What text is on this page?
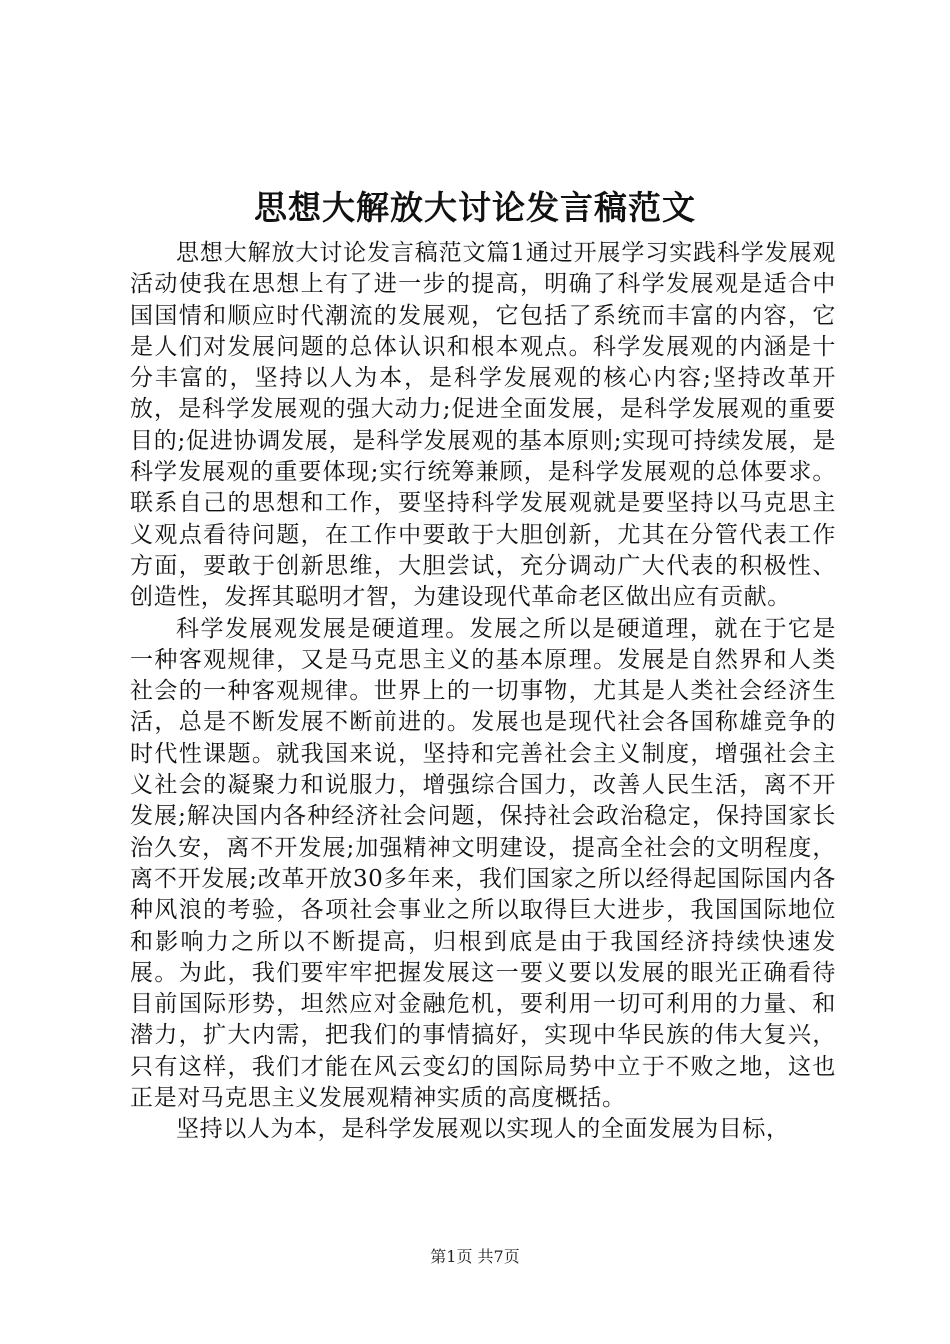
思想大解放大讨论发言稿范文

思想大解放大讨论发言稿范文篇1通过开展学习实践科学发展观活动使我在思想上有了进一步的提高，明确了科学发展观是适合中国国情和顺应时代潮流的发展观，它包括了系统而丰富的内容，它是人们对发展问题的总体认识和根本观点。科学发展观的内涵是十分丰富的，坚持以人为本，是科学发展观的核心内容;坚持改革开放，是科学发展观的强大动力;促进全面发展，是科学发展观的重要目的;促进协调发展，是科学发展观的基本原则;实现可持续发展，是科学发展观的重要体现;实行统筹兼顾，是科学发展观的总体要求。联系自己的思想和工作，要坚持科学发展观就是要坚持以马克思主义观点看待问题，在工作中要敢于大胆创新，尤其在分管代表工作方面，要敢于创新思维，大胆尝试，充分调动广大代表的积极性、创造性，发挥其聪明才智，为建设现代革命老区做出应有贡献。

科学发展观发展是硬道理。发展之所以是硬道理，就在于它是一种客观规律，又是马克思主义的基本原理。发展是自然界和人类社会的一种客观规律。世界上的一切事物，尤其是人类社会经济生活，总是不断发展不断前进的。发展也是现代社会各国称雄竞争的时代性课题。就我国来说，坚持和完善社会主义制度，增强社会主义社会的凝聚力和说服力，增强综合国力，改善人民生活，离不开发展;解决国内各种经济社会问题，保持社会政治稳定，保持国家长治久安，离不开发展;加强精神文明建设，提高全社会的文明程度，离不开发展;改革开放30多年来，我们国家之所以经得起国际国内各种风浪的考验，各项社会事业之所以取得巨大进步，我国国际地位和影响力之所以不断提高，归根到底是由于我国经济持续快速发展。为此，我们要牢牢把握发展这一要义要以发展的眼光正确看待目前国际形势，坦然应对金融危机，要利用一切可利用的力量、和潜力，扩大内需，把我们的事情搞好，实现中华民族的伟大复兴，只有这样，我们才能在风云变幻的国际局势中立于不败之地，这也正是对马克思主义发展观精神实质的高度概括。

坚持以人为本，是科学发展观以实现人的全面发展为目标，

第1页 共7页
